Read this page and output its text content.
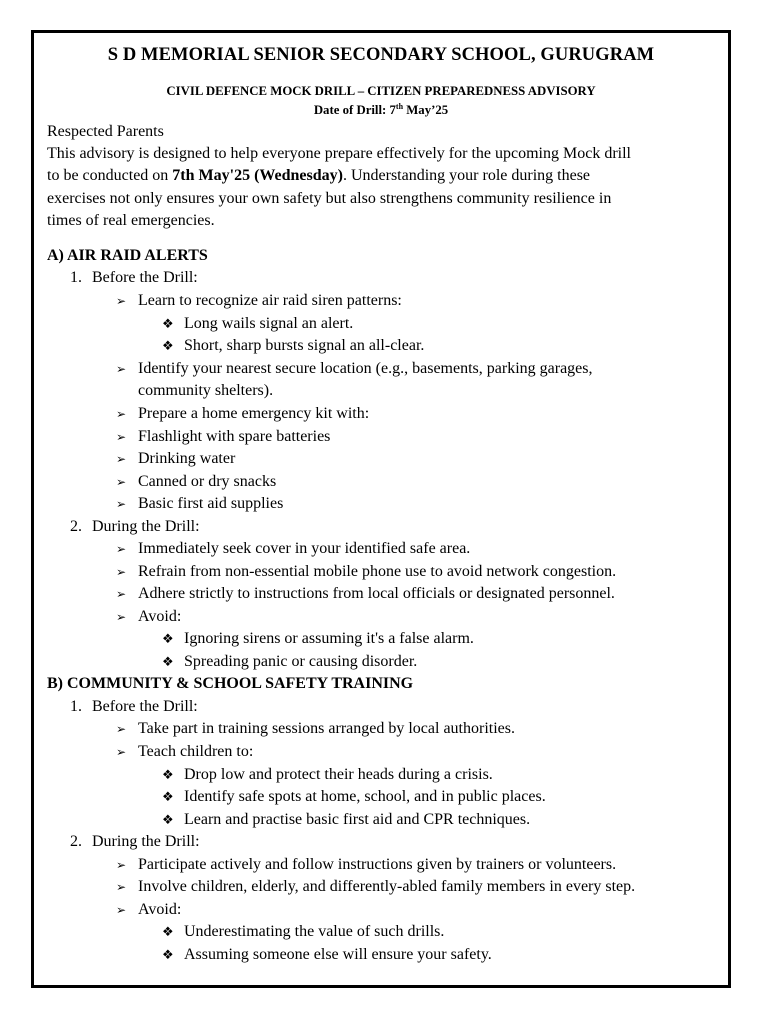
S D MEMORIAL SENIOR SECONDARY SCHOOL, GURUGRAM
CIVIL DEFENCE MOCK DRILL – CITIZEN PREPAREDNESS ADVISORY
Date of Drill: 7th May’25
Respected Parents
This advisory is designed to help everyone prepare effectively for the upcoming Mock drill
to be conducted on 7th May'25 (Wednesday). Understanding your role during these
exercises not only ensures your own safety but also strengthens community resilience in
times of real emergencies.
A) AIR RAID ALERTS
1. Before the Drill:
➢ Learn to recognize air raid siren patterns:
❖ Long wails signal an alert.
❖ Short, sharp bursts signal an all-clear.
➢ Identify your nearest secure location (e.g., basements, parking garages,
community shelters).
➢ Prepare a home emergency kit with:
➢ Flashlight with spare batteries
➢ Drinking water
➢ Canned or dry snacks
➢ Basic first aid supplies
2. During the Drill:
➢ Immediately seek cover in your identified safe area.
➢ Refrain from non-essential mobile phone use to avoid network congestion.
➢ Adhere strictly to instructions from local officials or designated personnel.
➢ Avoid:
❖ Ignoring sirens or assuming it's a false alarm.
❖ Spreading panic or causing disorder.
B) COMMUNITY & SCHOOL SAFETY TRAINING
1. Before the Drill:
➢ Take part in training sessions arranged by local authorities.
➢ Teach children to:
❖ Drop low and protect their heads during a crisis.
❖ Identify safe spots at home, school, and in public places.
❖ Learn and practise basic first aid and CPR techniques.
2. During the Drill:
➢ Participate actively and follow instructions given by trainers or volunteers.
➢ Involve children, elderly, and differently-abled family members in every step.
➢ Avoid:
❖ Underestimating the value of such drills.
❖ Assuming someone else will ensure your safety.
